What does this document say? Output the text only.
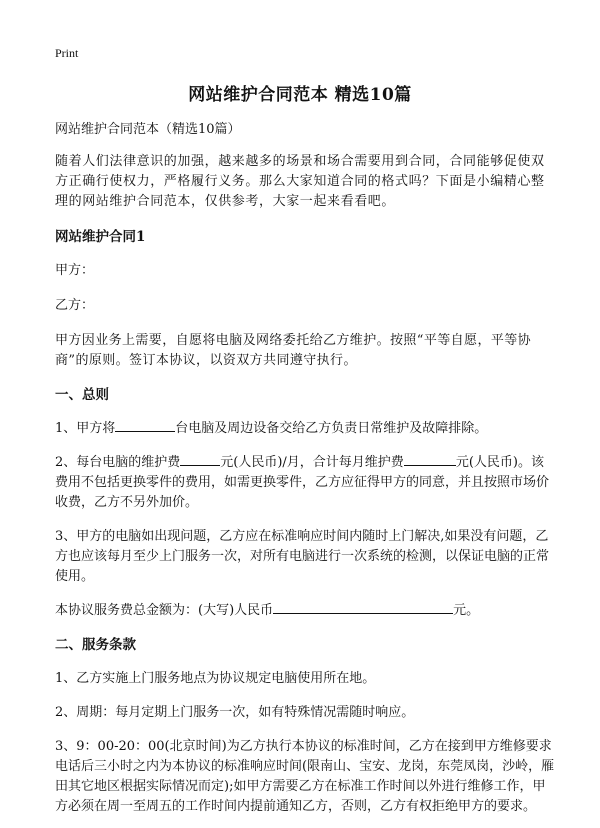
Print
网站维护合同范本 精选10篇

网站维护合同范本（精选10篇）

随着人们法律意识的加强，越来越多的场景和场合需要用到合同，合同能够促使双方正确行使权力，严格履行义务。那么大家知道合同的格式吗？下面是小编精心整理的网站维护合同范本，仅供参考，大家一起来看看吧。

网站维护合同1

甲方：

乙方：

甲方因业务上需要，自愿将电脑及网络委托给乙方维护。按照“平等自愿，平等协商”的原则。签订本协议，以资双方共同遵守执行。

一、总则

1、甲方将	台电脑及周边设备交给乙方负责日常维护及故障排除。

2、每台电脑的维护费	元(人民币)/月，合计每月维护费	元(人民币)。该费用不包括更换零件的费用，如需更换零件，乙方应征得甲方的同意，并且按照市场价收费，乙方不另外加价。

3、甲方的电脑如出现问题，乙方应在标准响应时间内随时上门解决,如果没有问题，乙方也应该每月至少上门服务一次，对所有电脑进行一次系统的检测，以保证电脑的正常使用。

本协议服务费总金额为：(大写)人民币	元。

二、服务条款

1、乙方实施上门服务地点为协议规定电脑使用所在地。

2、周期：每月定期上门服务一次，如有特殊情况需随时响应。

3、9：00-20：00(北京时间)为乙方执行本协议的标准时间，乙方在接到甲方维修要求电话后三小时之内为本协议的标准响应时间(限南山、宝安、龙岗，东莞凤岗，沙岭，雁田其它地区根据实际情况而定);如甲方需要乙方在标准工作时间以外进行维修工作，甲方必须在周一至周五的工作时间内提前通知乙方，否则，乙方有权拒绝甲方的要求。
